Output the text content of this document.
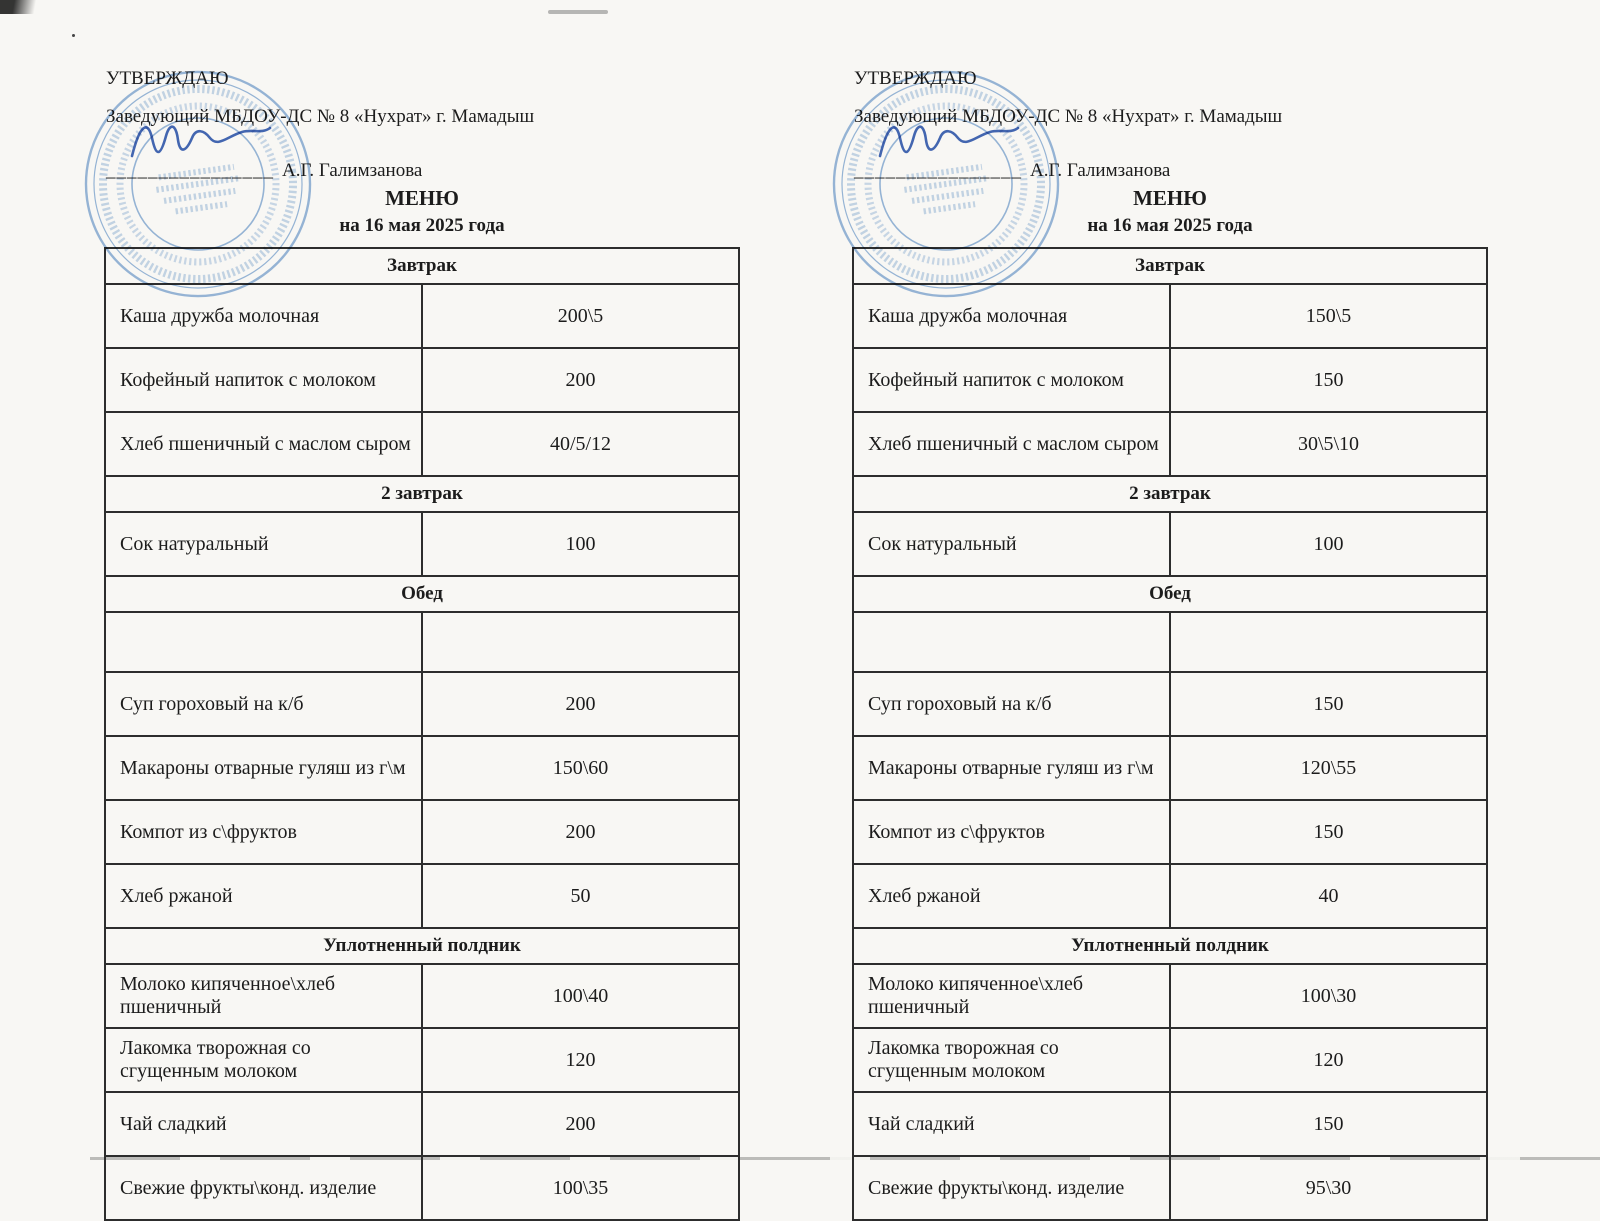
УТВЕРЖДАЮ
Заведующий МБДОУ-ДС № 8 «Нухрат» г. Мамадыш
________________ А.Г. Галимзанова
МЕНЮ
на 16 мая 2025 года
Завтрак	
Каша дружба молочная	200\5
Кофейный напиток с молоком	200
Хлеб пшеничный с маслом сыром	40/5/12
2 завтрак	
Сок натуральный	100
Обед	

Суп гороховый на к/б	200
Макароны отварные гуляш из г\м	150\60
Компот из с\фруктов	200
Хлеб ржаной	50
Уплотненный полдник	
Молоко кипяченное\хлеб пшеничный	100\40
Лакомка творожная со сгущенным молоком	120
Чай сладкий	200
Свежие фрукты\конд. изделие	100\35
УТВЕРЖДАЮ
Заведующий МБДОУ-ДС № 8 «Нухрат» г. Мамадыш
________________ А.Г. Галимзанова
МЕНЮ
на 16 мая 2025 года
Завтрак	
Каша дружба молочная	150\5
Кофейный напиток с молоком	150
Хлеб пшеничный с маслом сыром	30\5\10
2 завтрак	
Сок натуральный	100
Обед	

Суп гороховый на к/б	150
Макароны отварные гуляш из г\м	120\55
Компот из с\фруктов	150
Хлеб ржаной	40
Уплотненный полдник	
Молоко кипяченное\хлеб пшеничный	100\30
Лакомка творожная со сгущенным молоком	120
Чай сладкий	150
Свежие фрукты\конд. изделие	95\30
